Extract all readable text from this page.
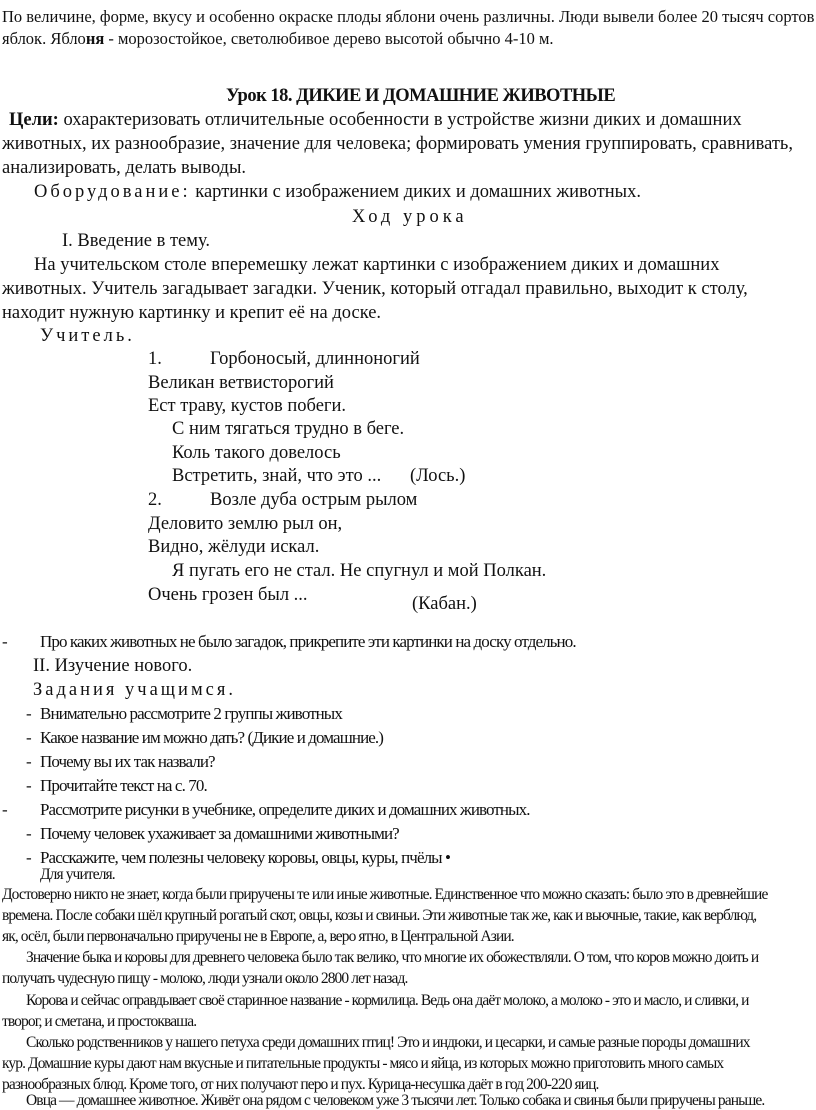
По величине, форме, вкусу и особенно окраске плоды яблони очень различны. Люди вывели более 20 тысяч сортов
яблок. Яблоня - морозостойкое, светолюбивое дерево высотой обычно 4-10 м.
Урок 18. ДИКИЕ И ДОМАШНИЕ ЖИВОТНЫЕ
Цели: охарактеризовать отличительные особенности в устройстве жизни диких и домашних
животных, их разнообразие, значение для человека; формировать умения группировать, сравнивать,
анализировать, делать выводы.
Оборудование: картинки с изображением диких и домашних животных.
Ход урока
I. Введение в тему.
На учительском столе вперемешку лежат картинки с изображением диких и домашних
животных. Учитель загадывает загадки. Ученик, который отгадал правильно, выходит к столу,
находит нужную картинку и крепит её на доске.
Учитель.
1.	Горбоносый, длинноногий
Великан ветвисторогий
Ест траву, кустов побеги.
С ним тягаться трудно в беге.
Коль такого довелось
Встретить, знай, что это ... (Лось.)
2.	Возле дуба острым рылом
Деловито землю рыл он,
Видно, жёлуди искал.
Я пугать его не стал. Не спугнул и мой Полкан.
Очень грозен был ...	(Кабан.)
- Про каких животных не было загадок, прикрепите эти картинки на доску отдельно.
II. Изучение нового.
Задания учащимся.
- Внимательно рассмотрите 2 группы животных
- Какое название им можно дать? (Дикие и домашние.)
- Почему вы их так назвали?
- Прочитайте текст на с. 70.
- Рассмотрите рисунки в учебнике, определите диких и домашних животных.
- Почему человек ухаживает за домашними животными?
- Расскажите, чем полезны человеку коровы, овцы, куры, пчёлы •
Для учителя.
Достоверно никто не знает, когда были приручены те или иные животные. Единственное что можно сказать: было это в древнейшие
времена. После собаки шёл крупный рогатый скот, овцы, козы и свиньи. Эти животные так же, как и вьючные, такие, как верблюд,
як, осёл, были первоначально приручены не в Европе, а, веро ятно, в Центральной Азии.
Значение быка и коровы для древнего человека было так велико, что многие их обожествляли. О том, что коров можно доить и
получать чудесную пищу - молоко, люди узнали около 2800 лет назад.
Корова и сейчас оправдывает своё старинное название - кормилица. Ведь она даёт молоко, а молоко - это и масло, и сливки, и
творог, и сметана, и простокваша.
Сколько родственников у нашего петуха среди домашних птиц! Это и индюки, и цесарки, и самые разные породы домашних
кур. Домашние куры дают нам вкусные и питательные продукты - мясо и яйца, из которых можно приготовить много самых
разнообразных блюд. Кроме того, от них получают перо и пух. Курица-несушка даёт в год 200-220 яиц.
Овца — домашнее животное. Живёт она рядом с человеком уже 3 тысячи лет. Только собака и свинья были приручены раньше.
